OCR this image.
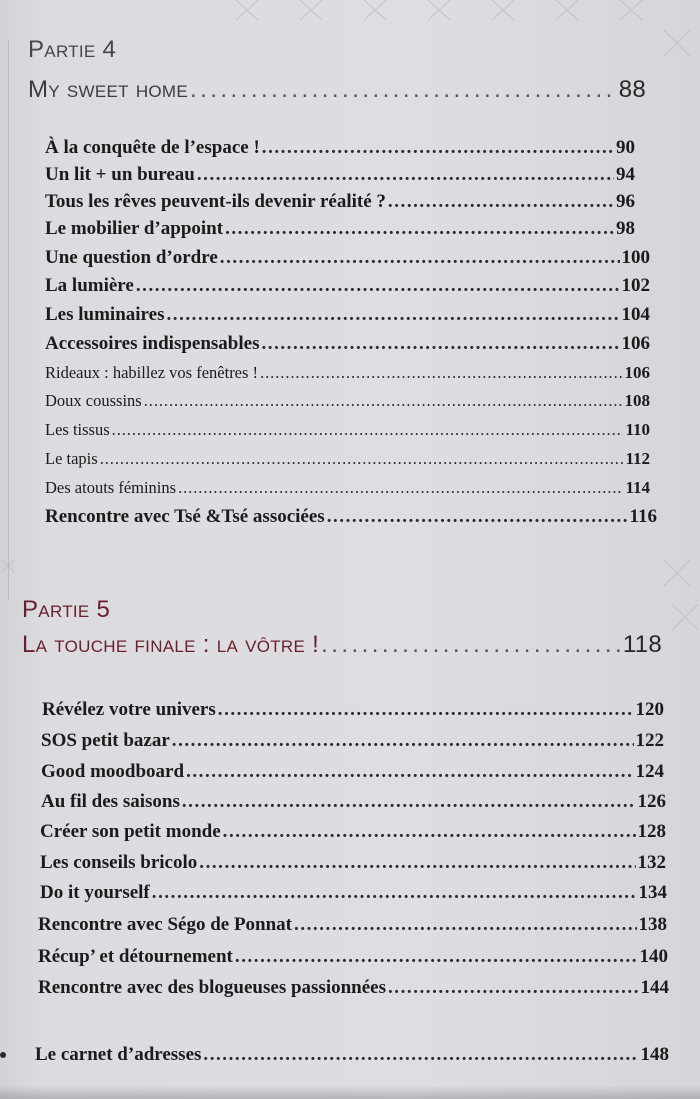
Partie 4
My sweet home . . .	88
À la conquête de l’espace ! . . .	90
Un lit + un bureau . . .	94
Tous les rêves peuvent-ils devenir réalité ? . . .	96
Le mobilier d’appoint . . .	98
Une question d’ordre . . .	100
La lumière . . .	102
Les luminaires . . .	104
Accessoires indispensables . . .	106
Rideaux : habillez vos fenêtres ! . . .	106
Doux coussins . . .	108
Les tissus . . .	110
Le tapis . . .	112
Des atouts féminins . . .	114
Rencontre avec Tsé &Tsé associées . . .	116
Partie 5
La touche finale : la vôtre ! . . .	118
Révélez votre univers . . .	120
SOS petit bazar . . .	122
Good moodboard . . .	124
Au fil des saisons . . .	126
Créer son petit monde . . .	128
Les conseils bricolo . . .	132
Do it yourself . . .	134
Rencontre avec Ségo de Ponnat . . .	138
Récup’ et détournement . . .	140
Rencontre avec des blogueuses passionnées . . .	144
Le carnet d’adresses . . .	148
